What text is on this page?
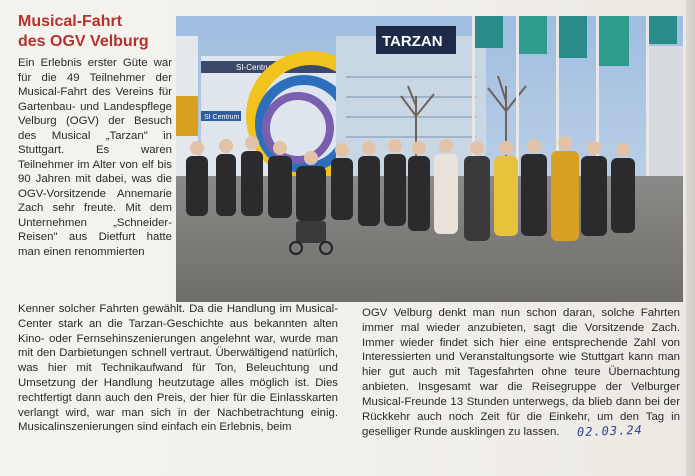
Musical-Fahrt
des OGV Velburg

Ein Erlebnis erster Güte war für die 49 Teilnehmer der Musical-Fahrt des Vereins für Gartenbau- und Landespflege Velburg (OGV) der Besuch des Musical „Tarzan" in Stuttgart. Es waren Teilnehmer im Alter von elf bis 90 Jahren mit dabei, was die OGV-Vorsitzende Annemarie Zach sehr freute. Mit dem Unternehmen „Schneider-Reisen" aus Dietfurt hatte man einen renommierten

SI-Centrum
SI Centrum
TARZAN

Kenner solcher Fahrten gewählt. Da die Handlung im Musical-Center stark an die Tarzan-Geschichte aus bekannten alten Kino- oder Fernsehinszenierungen angelehnt war, wurde man mit den Darbietungen schnell vertraut. Überwältigend natürlich, was hier mit Technikaufwand für Ton, Beleuchtung und Umsetzung der Handlung heutzutage alles möglich ist. Dies rechtfertigt dann auch den Preis, der hier für die Einlasskarten verlangt wird, war man sich in der Nachbetrachtung einig. Musicalinszenierungen sind einfach ein Erlebnis, beim

OGV Velburg denkt man nun schon daran, solche Fahrten immer mal wieder anzubieten, sagt die Vorsitzende Zach. Immer wieder findet sich hier eine entsprechende Zahl von Interessierten und Veranstaltungsorte wie Stuttgart kann man hier gut auch mit Tagesfahrten ohne teure Übernachtung anbieten. Insgesamt war die Reisegruppe der Velburger Musical-Freunde 13 Stunden unterwegs, da blieb dann bei der Rückkehr auch noch Zeit für die Einkehr, um den Tag in geselliger Runde ausklingen zu lassen. 02.03.24
